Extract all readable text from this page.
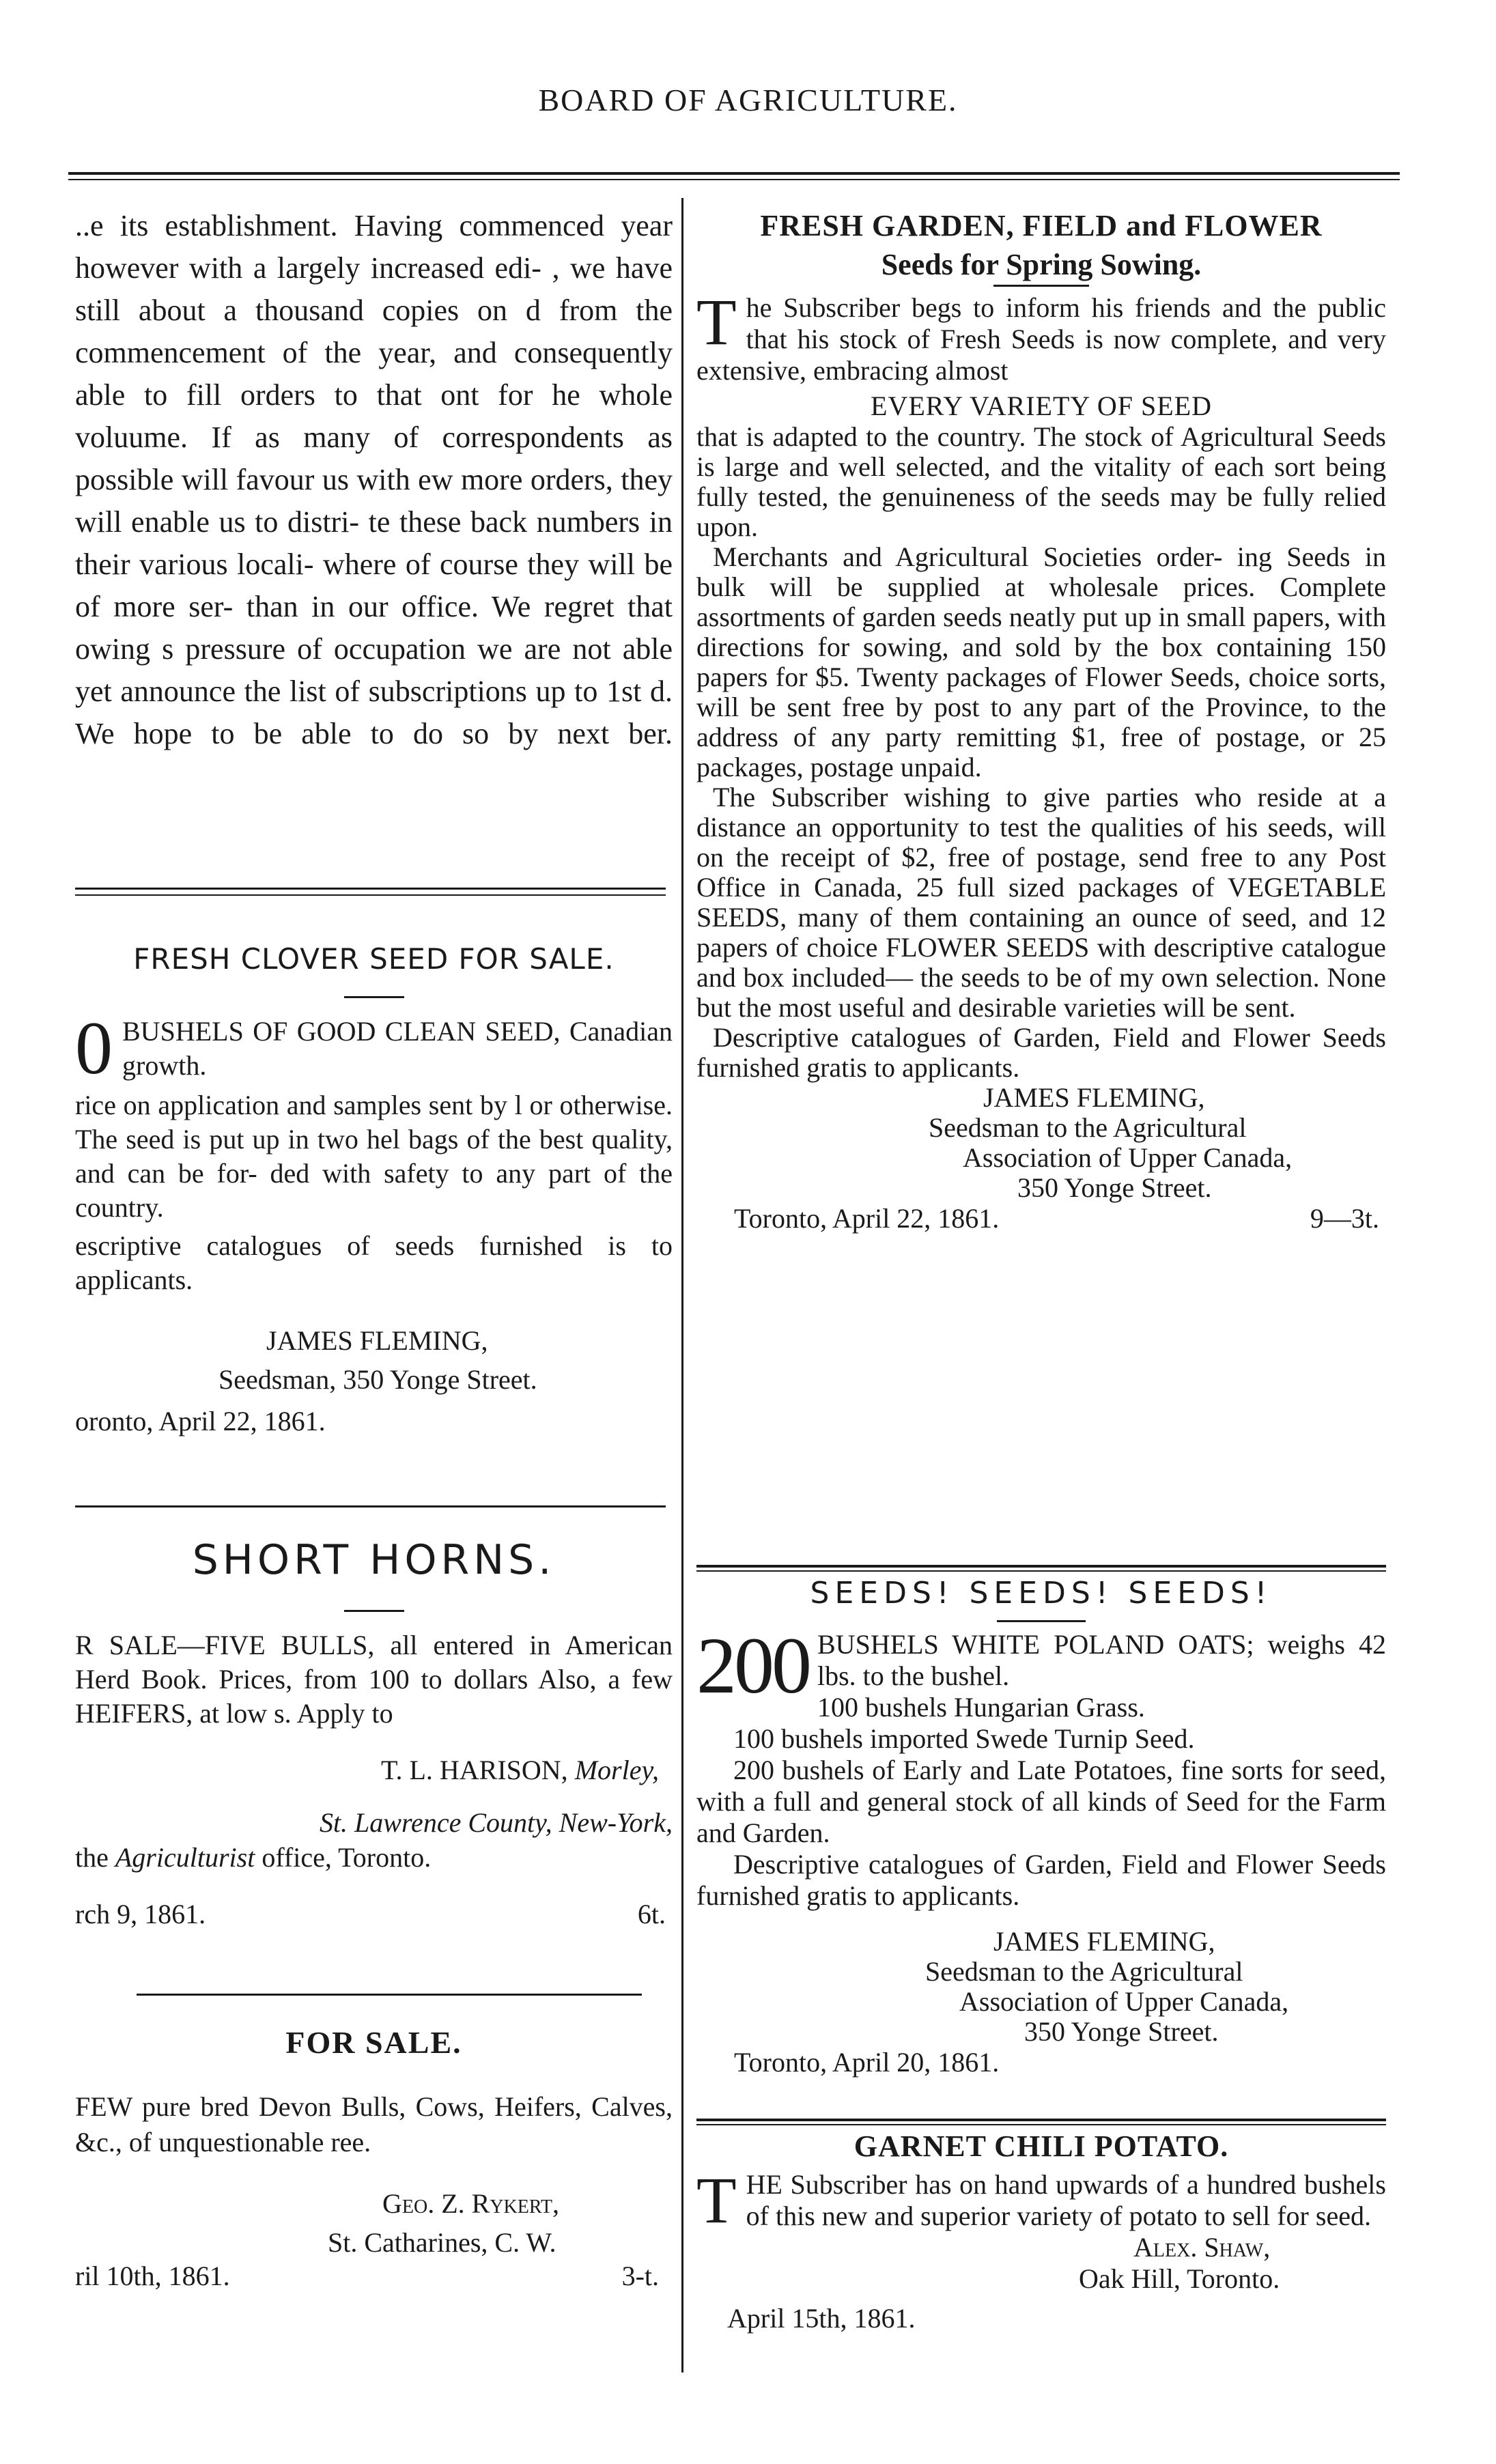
BOARD OF AGRICULTURE.

..e its establishment. Having commenced year however with a largely increased edi- , we have still about a thousand copies on d from the commencement of the year, and consequently able to fill orders to that ont for he whole voluume. If as many of correspondents as possible will favour us with ew more orders, they will enable us to distri- te these back numbers in their various locali- where of course they will be of more ser- than in our office. We regret that owing s pressure of occupation we are not able yet announce the list of subscriptions up to 1st d. We hope to be able to do so by next ber.

FRESH CLOVER SEED FOR SALE.

0 BUSHELS OF GOOD CLEAN SEED, Canadian growth.

rice on application and samples sent by l or otherwise. The seed is put up in two hel bags of the best quality, and can be for- ded with safety to any part of the country.

escriptive catalogues of seeds furnished is to applicants.

JAMES FLEMING,
Seedsman, 350 Yonge Street.
oronto, April 22, 1861.
SHORT HORNS.

R SALE—FIVE BULLS, all entered in American Herd Book. Prices, from 100 to dollars Also, a few HEIFERS, at low s. Apply to

T. L. HARISON, Morley,
St. Lawrence County, New-York,
the Agriculturist office, Toronto.
rch 9, 1861.	6t.
FOR SALE.

FEW pure bred Devon Bulls, Cows, Heifers, Calves, &c., of unquestionable ree.

Geo. Z. Rykert,
St. Catharines, C. W.
ril 10th, 1861.	3-t.
FRESH GARDEN, FIELD and FLOWER
Seeds for Spring Sowing.

T he Subscriber begs to inform his friends and the public that his stock of Fresh Seeds is now complete, and very extensive, embracing almost

EVERY VARIETY OF SEED

that is adapted to the country. The stock of Agricultural Seeds is large and well selected, and the vitality of each sort being fully tested, the genuineness of the seeds may be fully relied upon.

Merchants and Agricultural Societies order- ing Seeds in bulk will be supplied at wholesale prices. Complete assortments of garden seeds neatly put up in small papers, with directions for sowing, and sold by the box containing 150 papers for $5. Twenty packages of Flower Seeds, choice sorts, will be sent free by post to any part of the Province, to the address of any party remitting $1, free of postage, or 25 packages, postage unpaid.

The Subscriber wishing to give parties who reside at a distance an opportunity to test the qualities of his seeds, will on the receipt of $2, free of postage, send free to any Post Office in Canada, 25 full sized packages of VEGETABLE SEEDS, many of them containing an ounce of seed, and 12 papers of choice FLOWER SEEDS with descriptive catalogue and box included— the seeds to be of my own selection. None but the most useful and desirable varieties will be sent.

Descriptive catalogues of Garden, Field and Flower Seeds furnished gratis to applicants.

JAMES FLEMING,
Seedsman to the Agricultural
Association of Upper Canada,
350 Yonge Street.
Toronto, April 22, 1861.	9—3t.
SEEDS! SEEDS! SEEDS!

200 BUSHELS WHITE POLAND OATS; weighs 42 lbs. to the bushel.

100 bushels Hungarian Grass.
100 bushels imported Swede Turnip Seed.

200 bushels of Early and Late Potatoes, fine sorts for seed, with a full and general stock of all kinds of Seed for the Farm and Garden.

Descriptive catalogues of Garden, Field and Flower Seeds furnished gratis to applicants.

JAMES FLEMING,
Seedsman to the Agricultural
Association of Upper Canada,
350 Yonge Street.
Toronto, April 20, 1861.
GARNET CHILI POTATO.

T HE Subscriber has on hand upwards of a hundred bushels of this new and superior variety of potato to sell for seed.

Alex. Shaw,
Oak Hill, Toronto.
April 15th, 1861.
